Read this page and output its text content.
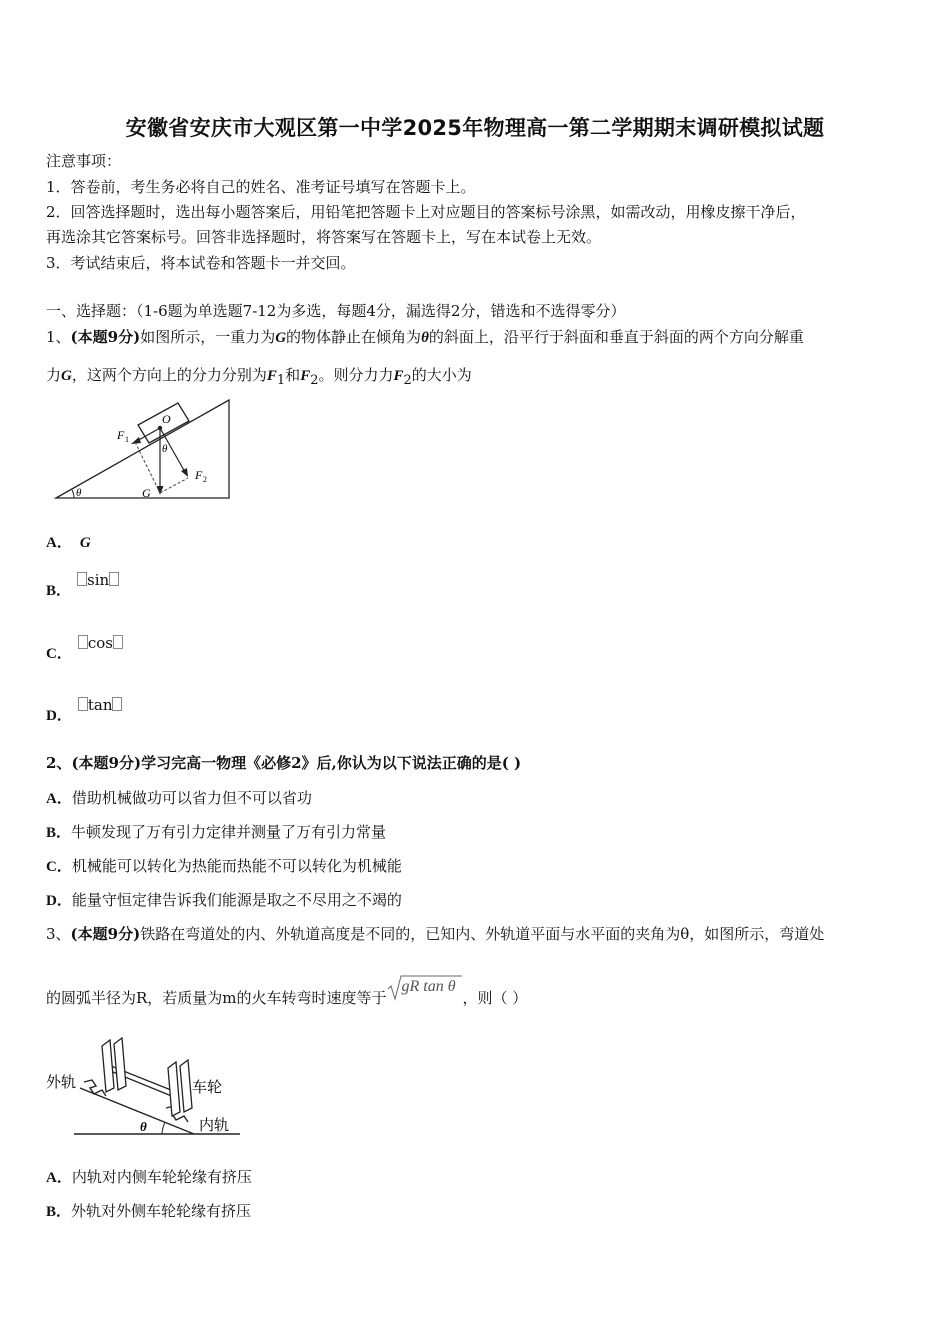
安徽省安庆市大观区第一中学2025年物理高一第二学期期末调研模拟试题
注意事项：
1．答卷前，考生务必将自己的姓名、准考证号填写在答题卡上。
2．回答选择题时，选出每小题答案后，用铅笔把答题卡上对应题目的答案标号涂黑，如需改动，用橡皮擦干净后，
再选涂其它答案标号。回答非选择题时，将答案写在答题卡上，写在本试卷上无效。
3．考试结束后，将本试卷和答题卡一并交回。
一、选择题：（1-6题为单选题7-12为多选，每题4分，漏选得2分，错选和不选得零分）
1、(本题9分)如图所示，一重力为G的物体静止在倾角为θ的斜面上，沿平行于斜面和垂直于斜面的两个方向分解重
力G，这两个方向上的分力分别为$F_1$和$F_2$。则分力力$F_2$的大小为
F 1
O
θ
F 2
G
θ
A． G
B．sin
C．cos
D．tan
2、(本题9分)学习完高一物理《必修2》后,你认为以下说法正确的是( )
A．借助机械做功可以省力但不可以省功
B．牛顿发现了万有引力定律并测量了万有引力常量
C．机械能可以转化为热能而热能不可以转化为机械能
D．能量守恒定律告诉我们能源是取之不尽用之不竭的
3、(本题9分)铁路在弯道处的内、外轨道高度是不同的，已知内、外轨道平面与水平面的夹角为θ，如图所示，弯道处
的圆弧半径为R，若质量为m的火车转弯时速度等于
gR tan θ
，则（ ）
外轨	车轮
内轨
θ
A．内轨对内侧车轮轮缘有挤压
B．外轨对外侧车轮轮缘有挤压
